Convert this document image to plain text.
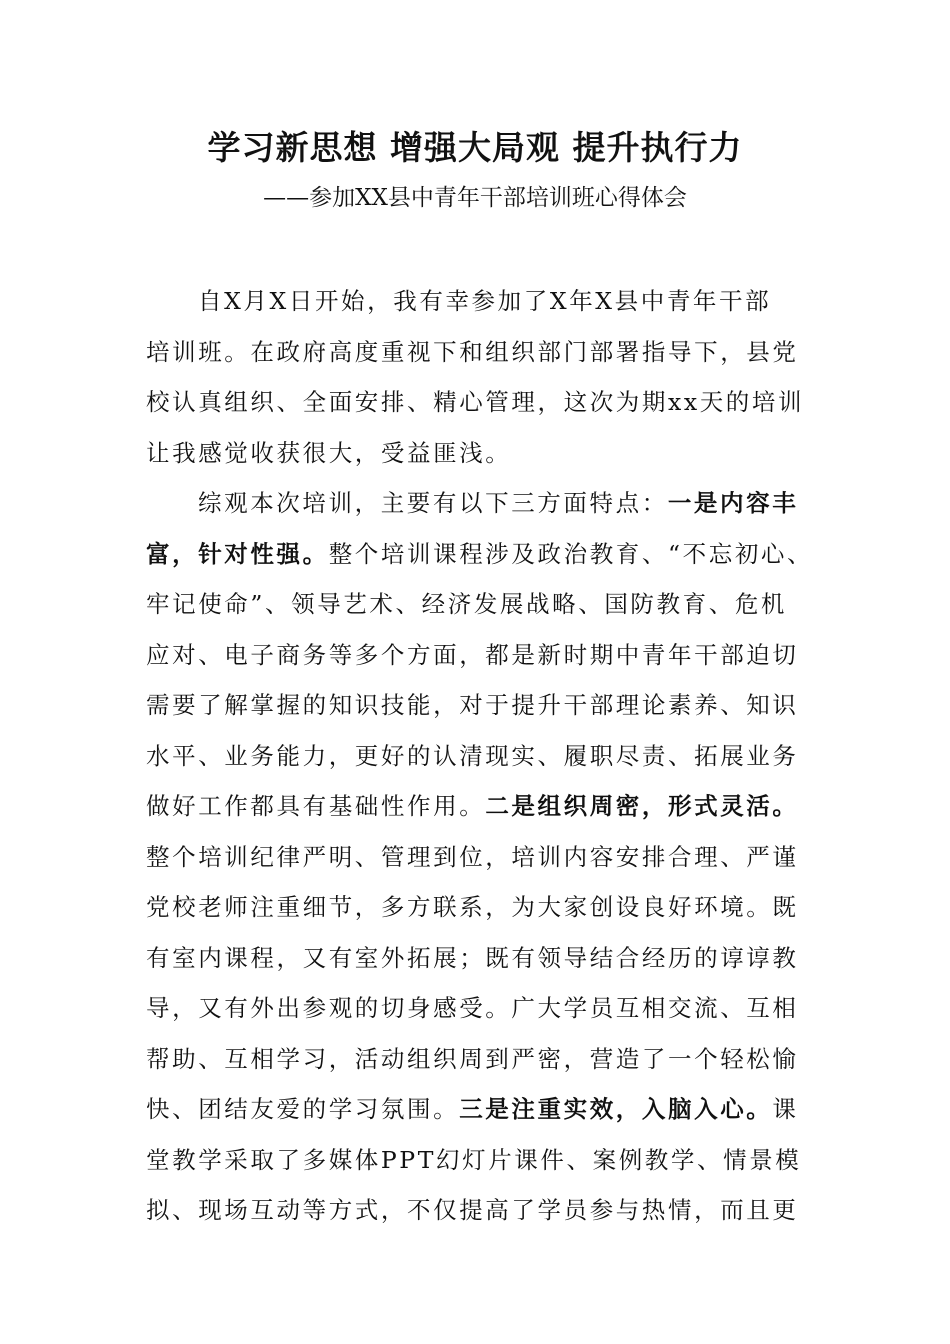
学习新思想 增强大局观 提升执行力

——参加XX县中青年干部培训班心得体会

自X月X日开始，我有幸参加了X年X县中青年干部
培训班。在政府高度重视下和组织部门部署指导下，县党
校认真组织、全面安排、精心管理，这次为期xx天的培训
让我感觉收获很大，受益匪浅。
综观本次培训，主要有以下三方面特点：一是内容丰
富，针对性强。整个培训课程涉及政治教育、“不忘初心、
牢记使命”、领导艺术、经济发展战略、国防教育、危机
应对、电子商务等多个方面，都是新时期中青年干部迫切
需要了解掌握的知识技能，对于提升干部理论素养、知识
水平、业务能力，更好的认清现实、履职尽责、拓展业务
做好工作都具有基础性作用。二是组织周密，形式灵活。
整个培训纪律严明、管理到位，培训内容安排合理、严谨
党校老师注重细节，多方联系，为大家创设良好环境。既
有室内课程，又有室外拓展；既有领导结合经历的谆谆教
导，又有外出参观的切身感受。广大学员互相交流、互相
帮助、互相学习，活动组织周到严密，营造了一个轻松愉
快、团结友爱的学习氛围。三是注重实效，入脑入心。课
堂教学采取了多媒体PPT幻灯片课件、案例教学、情景模
拟、现场互动等方式，不仅提高了学员参与热情，而且更
